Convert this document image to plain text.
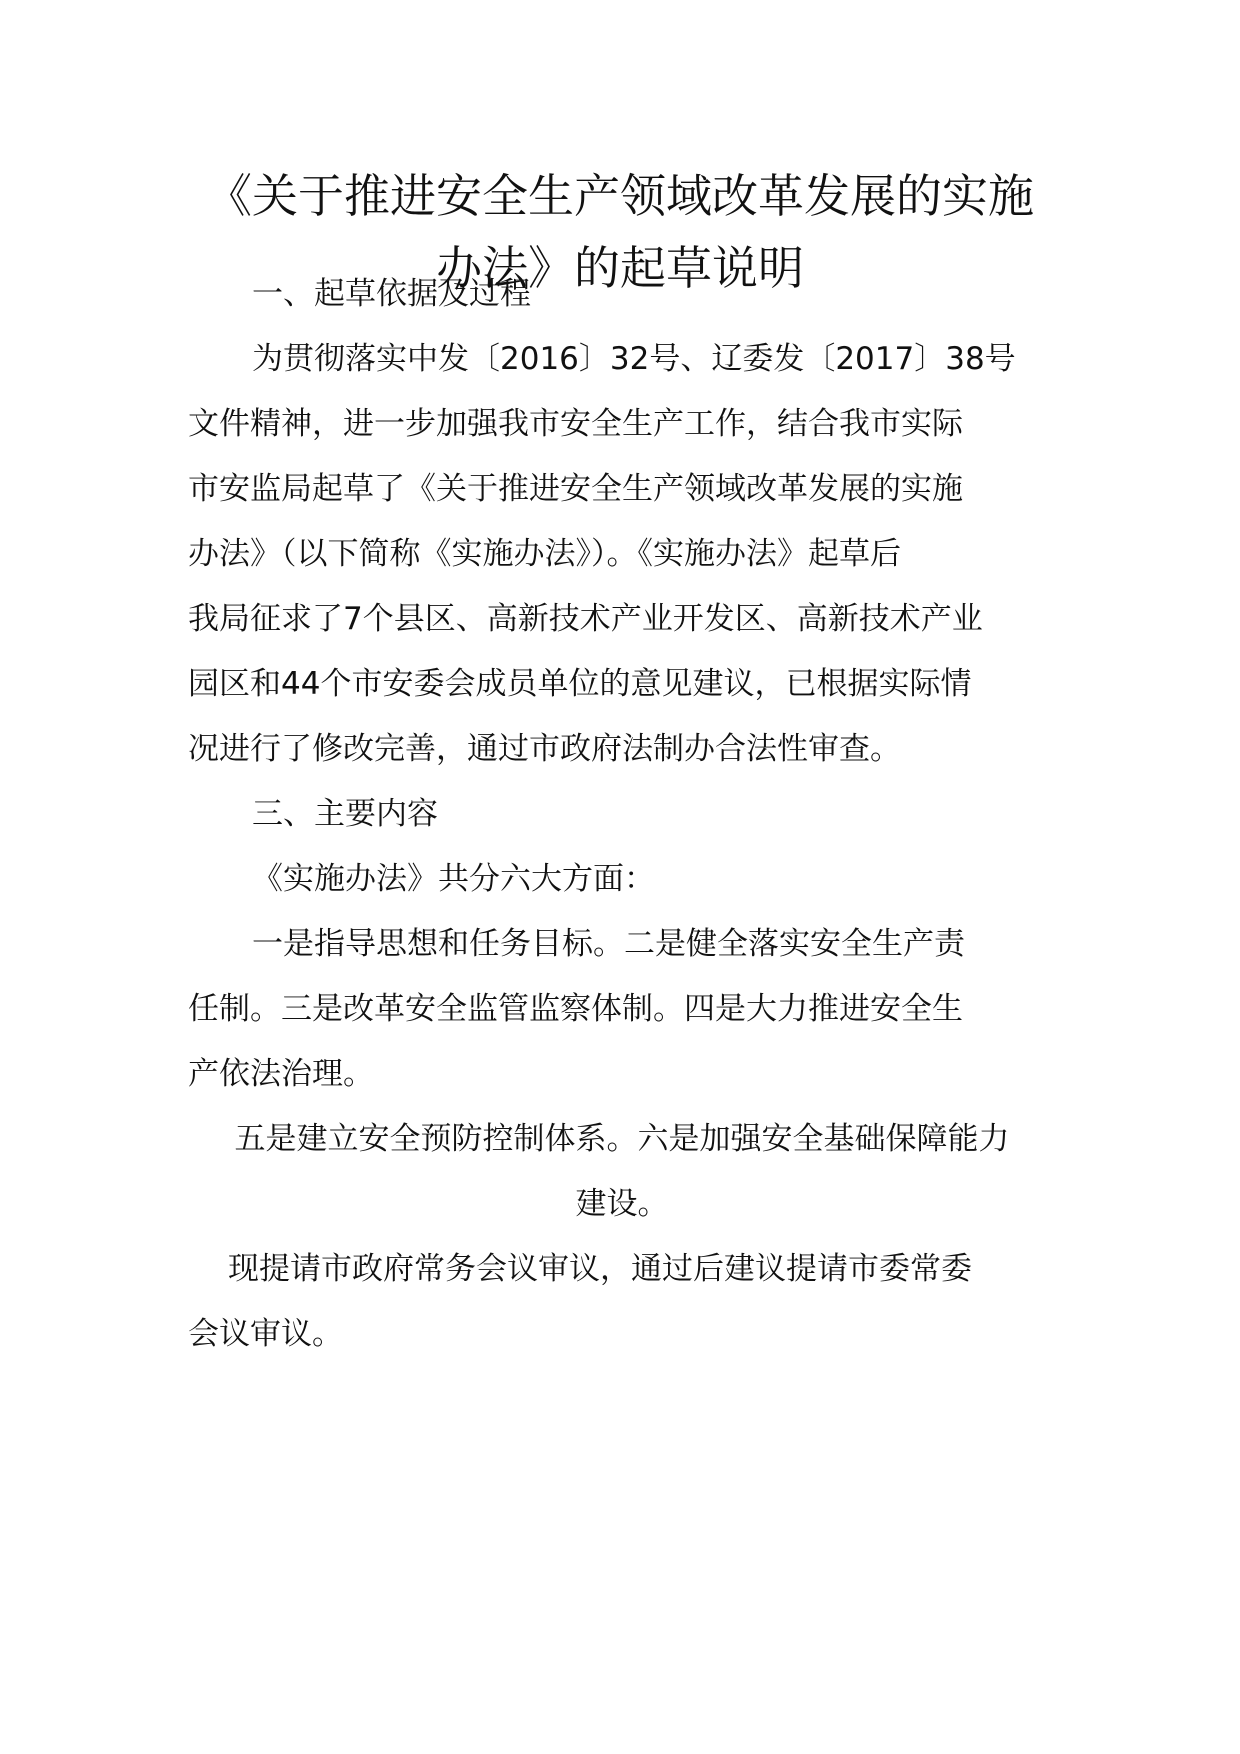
《关于推进安全生产领域改革发展的实施
办法》的起草说明
一、起草依据及过程
为贯彻落实中发〔2016〕32号、辽委发〔2017〕38号
文件精神，进一步加强我市安全生产工作，结合我市实际
市安监局起草了《关于推进安全生产领域改革发展的实施
办法》（以下简称《实施办法》）。《实施办法》起草后
我局征求了7个县区、高新技术产业开发区、高新技术产业
园区和44个市安委会成员单位的意见建议，已根据实际情
况进行了修改完善，通过市政府法制办合法性审查。
三、主要内容
《实施办法》共分六大方面：
一是指导思想和任务目标。二是健全落实安全生产责
任制。三是改革安全监管监察体制。四是大力推进安全生
产依法治理。
五是建立安全预防控制体系。六是加强安全基础保障能力
建设。
现提请市政府常务会议审议，通过后建议提请市委常委
会议审议。
